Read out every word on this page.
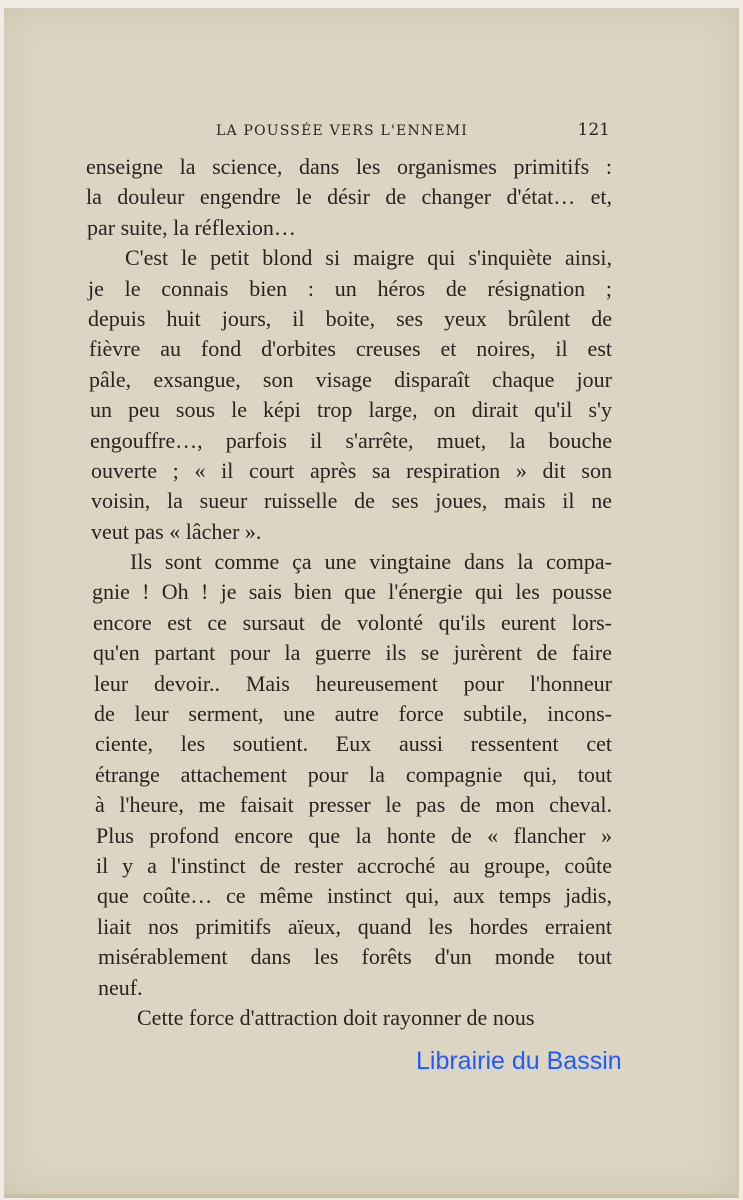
LA POUSSÉE VERS L'ENNEMI	121
enseigne la science, dans les organismes primitifs :
la douleur engendre le désir de changer d'état… et,
par suite, la réflexion…
C'est le petit blond si maigre qui s'inquiète ainsi,
je le connais bien : un héros de résignation ;
depuis huit jours, il boite, ses yeux brûlent de
fièvre au fond d'orbites creuses et noires, il est
pâle, exsangue, son visage disparaît chaque jour
un peu sous le képi trop large, on dirait qu'il s'y
engouffre…, parfois il s'arrête, muet, la bouche
ouverte ; « il court après sa respiration » dit son
voisin, la sueur ruisselle de ses joues, mais il ne
veut pas « lâcher ».
Ils sont comme ça une vingtaine dans la compa-
gnie ! Oh ! je sais bien que l'énergie qui les pousse
encore est ce sursaut de volonté qu'ils eurent lors-
qu'en partant pour la guerre ils se jurèrent de faire
leur devoir.. Mais heureusement pour l'honneur
de leur serment, une autre force subtile, incons-
ciente, les soutient. Eux aussi ressentent cet
étrange attachement pour la compagnie qui, tout
à l'heure, me faisait presser le pas de mon cheval.
Plus profond encore que la honte de « flancher »
il y a l'instinct de rester accroché au groupe, coûte
que coûte… ce même instinct qui, aux temps jadis,
liait nos primitifs aïeux, quand les hordes erraient
misérablement dans les forêts d'un monde tout
neuf.
Cette force d'attraction doit rayonner de nous
Librairie du Bassin
